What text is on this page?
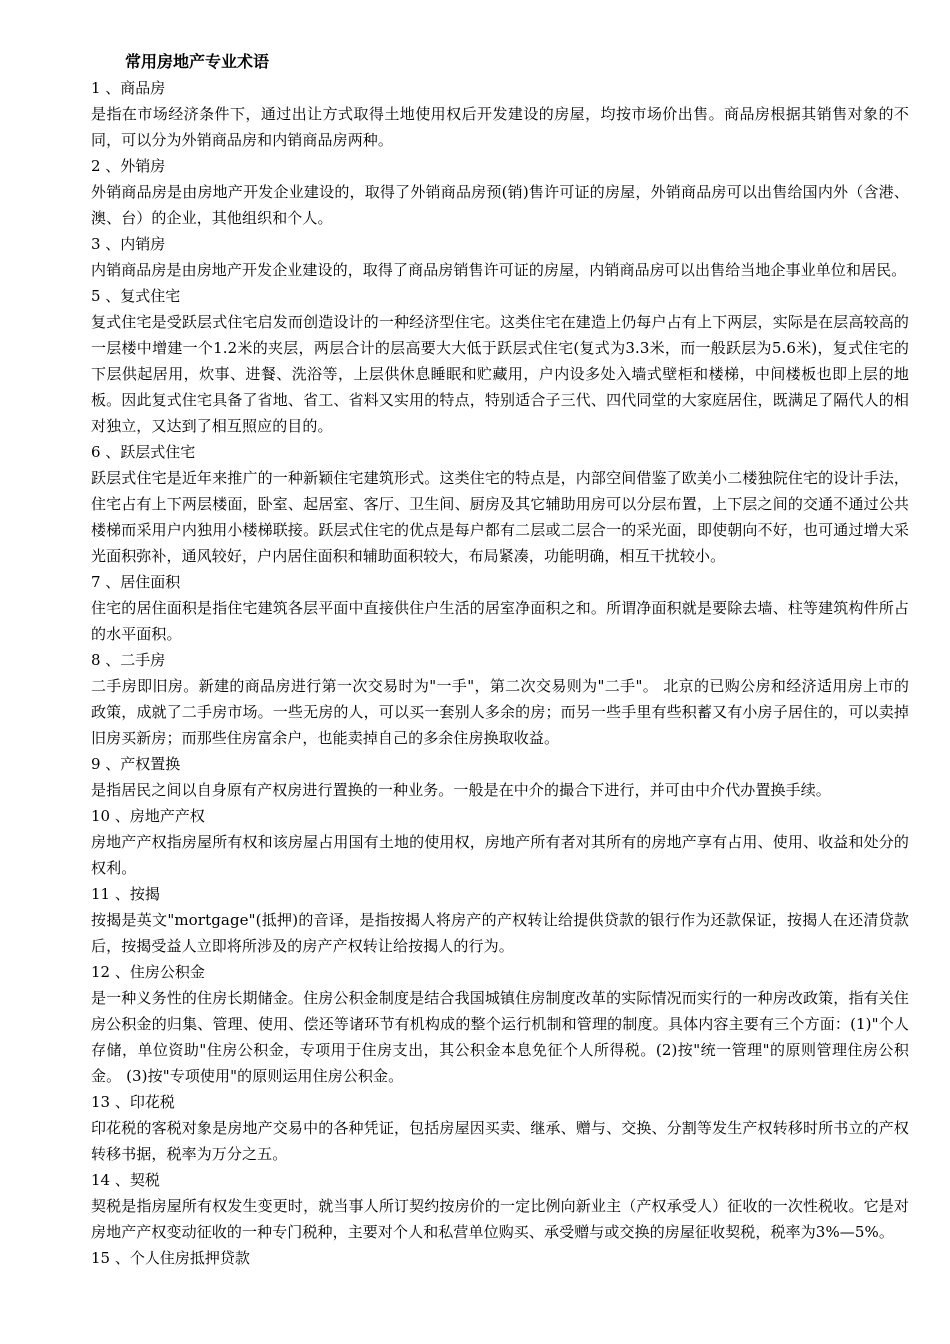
常用房地产专业术语
1 、商品房

是指在市场经济条件下，通过出让方式取得土地使用权后开发建设的房屋，均按市场价出售。商品房根据其销售对象的不同，可以分为外销商品房和内销商品房两种。

2 、外销房

外销商品房是由房地产开发企业建设的，取得了外销商品房预(销)售许可证的房屋，外销商品房可以出售给国内外（含港、澳、台）的企业，其他组织和个人。

3 、内销房

内销商品房是由房地产开发企业建设的，取得了商品房销售许可证的房屋，内销商品房可以出售给当地企事业单位和居民。

5 、复式住宅

复式住宅是受跃层式住宅启发而创造设计的一种经济型住宅。这类住宅在建造上仍每户占有上下两层，实际是在层高较高的一层楼中增建一个1.2米的夹层，两层合计的层高要大大低于跃层式住宅(复式为3.3米，而一般跃层为5.6米)，复式住宅的下层供起居用，炊事、进餐、洗浴等，上层供休息睡眠和贮藏用，户内设多处入墙式壁柜和楼梯，中间楼板也即上层的地板。因此复式住宅具备了省地、省工、省料又实用的特点，特别适合子三代、四代同堂的大家庭居住，既满足了隔代人的相对独立，又达到了相互照应的目的。

6 、跃层式住宅

跃层式住宅是近年来推广的一种新颖住宅建筑形式。这类住宅的特点是，内部空间借鉴了欧美小二楼独院住宅的设计手法，住宅占有上下两层楼面，卧室、起居室、客厅、卫生间、厨房及其它辅助用房可以分层布置，上下层之间的交通不通过公共楼梯而采用户内独用小楼梯联接。跃层式住宅的优点是每户都有二层或二层合一的采光面，即使朝向不好，也可通过增大采光面积弥补，通风较好，户内居住面积和辅助面积较大，布局紧凑，功能明确，相互干扰较小。

7 、居住面积

住宅的居住面积是指住宅建筑各层平面中直接供住户生活的居室净面积之和。所谓净面积就是要除去墙、柱等建筑构件所占的水平面积。

8 、二手房

二手房即旧房。新建的商品房进行第一次交易时为"一手"，第二次交易则为"二手"。 北京的已购公房和经济适用房上市的政策，成就了二手房市场。一些无房的人，可以买一套别人多余的房；而另一些手里有些积蓄又有小房子居住的，可以卖掉旧房买新房；而那些住房富余户，也能卖掉自己的多余住房换取收益。

9 、产权置换

是指居民之间以自身原有产权房进行置换的一种业务。一般是在中介的撮合下进行，并可由中介代办置换手续。

10 、房地产产权

房地产产权指房屋所有权和该房屋占用国有土地的使用权，房地产所有者对其所有的房地产享有占用、使用、收益和处分的权利。

11 、按揭

按揭是英文"mortgage"(抵押)的音译，是指按揭人将房产的产权转让给提供贷款的银行作为还款保证，按揭人在还清贷款后，按揭受益人立即将所涉及的房产产权转让给按揭人的行为。

12 、住房公积金

是一种义务性的住房长期储金。住房公积金制度是结合我国城镇住房制度改革的实际情况而实行的一种房改政策，指有关住房公积金的归集、管理、使用、偿还等诸环节有机构成的整个运行机制和管理的制度。具体内容主要有三个方面：(1)"个人存储，单位资助"住房公积金，专项用于住房支出，其公积金本息免征个人所得税。(2)按"统一管理"的原则管理住房公积金。 (3)按"专项使用"的原则运用住房公积金。

13 、印花税

印花税的客税对象是房地产交易中的各种凭证，包括房屋因买卖、继承、赠与、交换、分割等发生产权转移时所书立的产权转移书据，税率为万分之五。

14 、契税

契税是指房屋所有权发生变更时，就当事人所订契约按房价的一定比例向新业主（产权承受人）征收的一次性税收。它是对房地产产权变动征收的一种专门税种，主要对个人和私营单位购买、承受赠与或交换的房屋征收契税，税率为3%—5%。

15 、个人住房抵押贷款
